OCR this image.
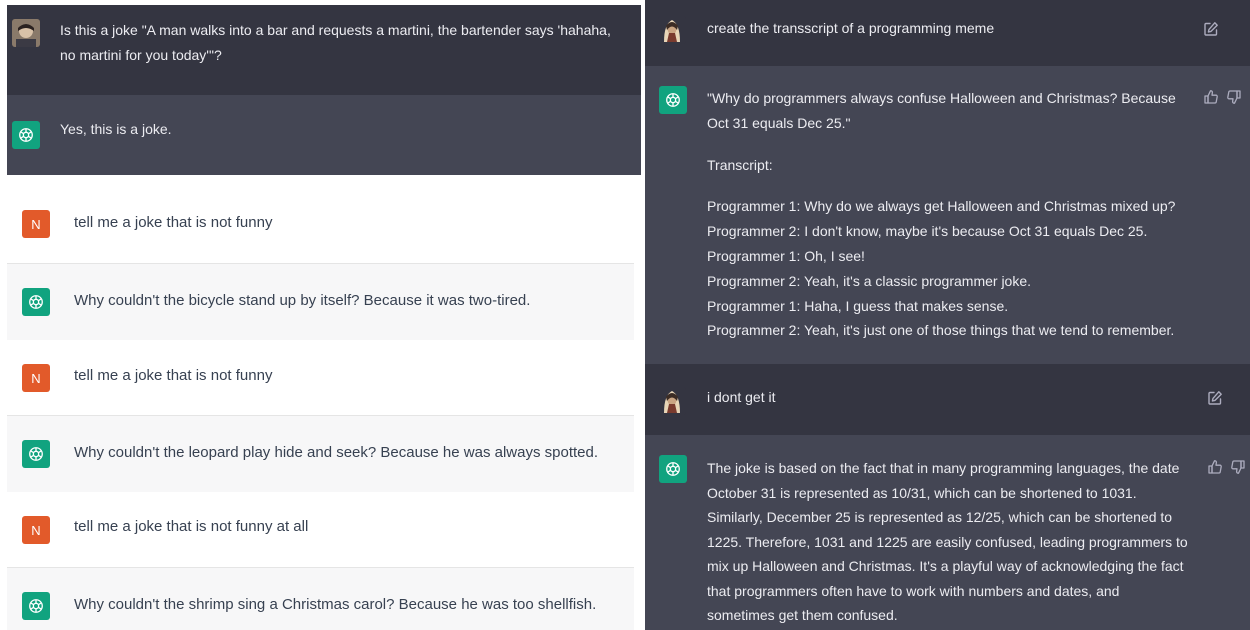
Is this a joke "A man walks into a bar and requests a martini, the bartender says 'hahaha,
no martini for you today'"?
Yes, this is a joke.
N	tell me a joke that is not funny
Why couldn't the bicycle stand up by itself? Because it was two-tired.
N	tell me a joke that is not funny
Why couldn't the leopard play hide and seek? Because he was always spotted.
N	tell me a joke that is not funny at all
Why couldn't the shrimp sing a Christmas carol? Because he was too shellfish.
create the transscript of a programming meme
"Why do programmers always confuse Halloween and Christmas? Because
Oct 31 equals Dec 25."
Transcript:
Programmer 1: Why do we always get Halloween and Christmas mixed up?
Programmer 2: I don't know, maybe it's because Oct 31 equals Dec 25.
Programmer 1: Oh, I see!
Programmer 2: Yeah, it's a classic programmer joke.
Programmer 1: Haha, I guess that makes sense.
Programmer 2: Yeah, it's just one of those things that we tend to remember.
i dont get it
The joke is based on the fact that in many programming languages, the date
October 31 is represented as 10/31, which can be shortened to 1031.
Similarly, December 25 is represented as 12/25, which can be shortened to
1225. Therefore, 1031 and 1225 are easily confused, leading programmers to
mix up Halloween and Christmas. It's a playful way of acknowledging the fact
that programmers often have to work with numbers and dates, and
sometimes get them confused.
